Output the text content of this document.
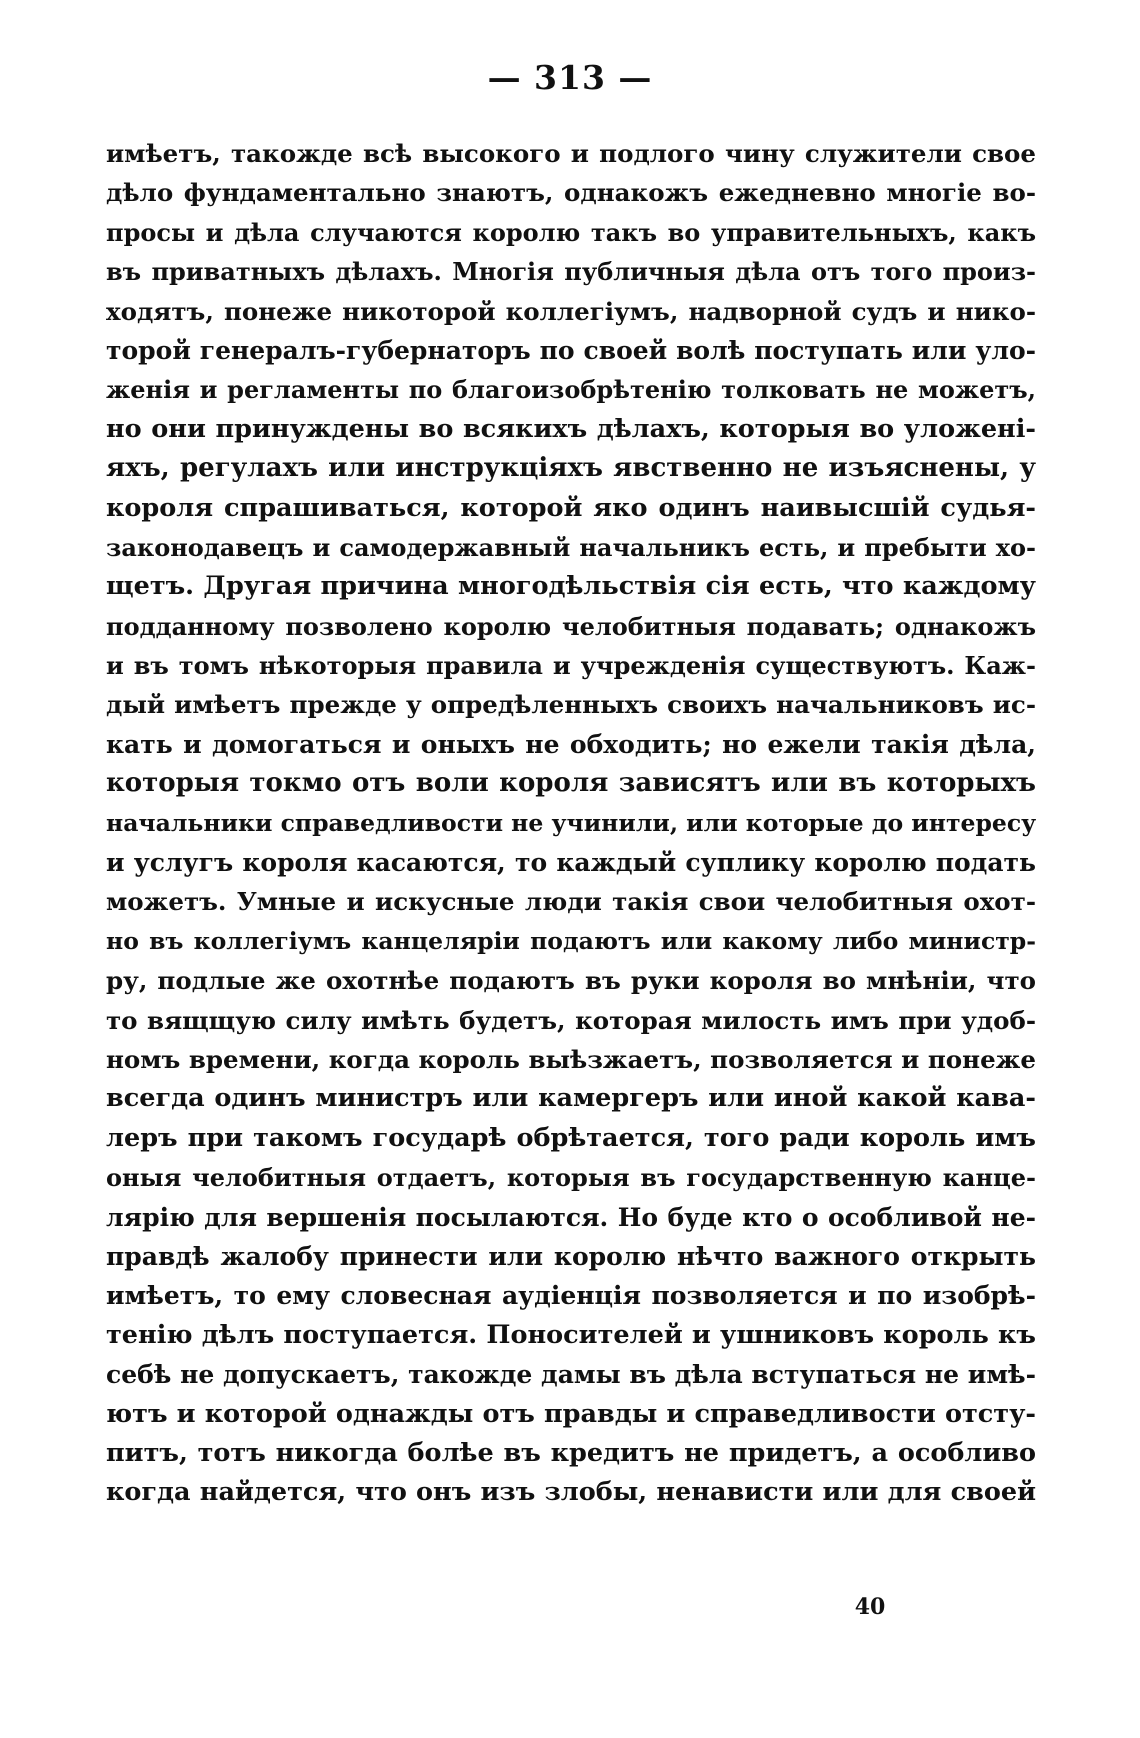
— 313 —
имѣетъ, такожде всѣ высокого и подлого чину служители свое
дѣло фундаментально знаютъ, однакожъ ежедневно многіе во-
просы и дѣла случаются королю такъ во управительныхъ, какъ
въ приватныхъ дѣлахъ. Многія публичныя дѣла отъ того произ-
ходятъ, понеже никоторой коллегіумъ, надворной судъ и нико-
торой генералъ-губернаторъ по своей волѣ поступать или уло-
женія и регламенты по благоизобрѣтенію толковать не можетъ,
но они принуждены во всякихъ дѣлахъ, которыя во уложені-
яхъ, регулахъ или инструкціяхъ явственно не изъяснены, у
короля спрашиваться, которой яко одинъ наивысшій судья-
законодавецъ и самодержавный начальникъ есть, и пребыти хо-
щетъ. Другая причина многодѣльствія сія есть, что каждому
подданному позволено королю челобитныя подавать; однакожъ
и въ томъ нѣкоторыя правила и учрежденія существуютъ. Каж-
дый имѣетъ прежде у опредѣленныхъ своихъ начальниковъ ис-
кать и домогаться и оныхъ не обходить; но ежели такія дѣла,
которыя токмо отъ воли короля зависятъ или въ которыхъ
начальники справедливости не учинили, или которые до интересу
и услугъ короля касаются, то каждый суплику королю подать
можетъ. Умные и искусные люди такія свои челобитныя охот-
но въ коллегіумъ канцеляріи подаютъ или какому либо министр-
ру, подлые же охотнѣе подаютъ въ руки короля во мнѣніи, что
то вящщую силу имѣть будетъ, которая милость имъ при удоб-
номъ времени, когда король выѣзжаетъ, позволяется и понеже
всегда одинъ министръ или камергеръ или иной какой кава-
леръ при такомъ государѣ обрѣтается, того ради король имъ
оныя челобитныя отдаетъ, которыя въ государственную канце-
лярію для вершенія посылаются. Но буде кто о особливой не-
правдѣ жалобу принести или королю нѣчто важного открыть
имѣетъ, то ему словесная аудіенція позволяется и по изобрѣ-
тенію дѣлъ поступается. Поносителей и ушниковъ король къ
себѣ не допускаетъ, такожде дамы въ дѣла вступаться не имѣ-
ютъ и которой однажды отъ правды и справедливости отсту-
питъ, тотъ никогда болѣе въ кредитъ не придетъ, а особливо
когда найдется, что онъ изъ злобы, ненависти или для своей
40
